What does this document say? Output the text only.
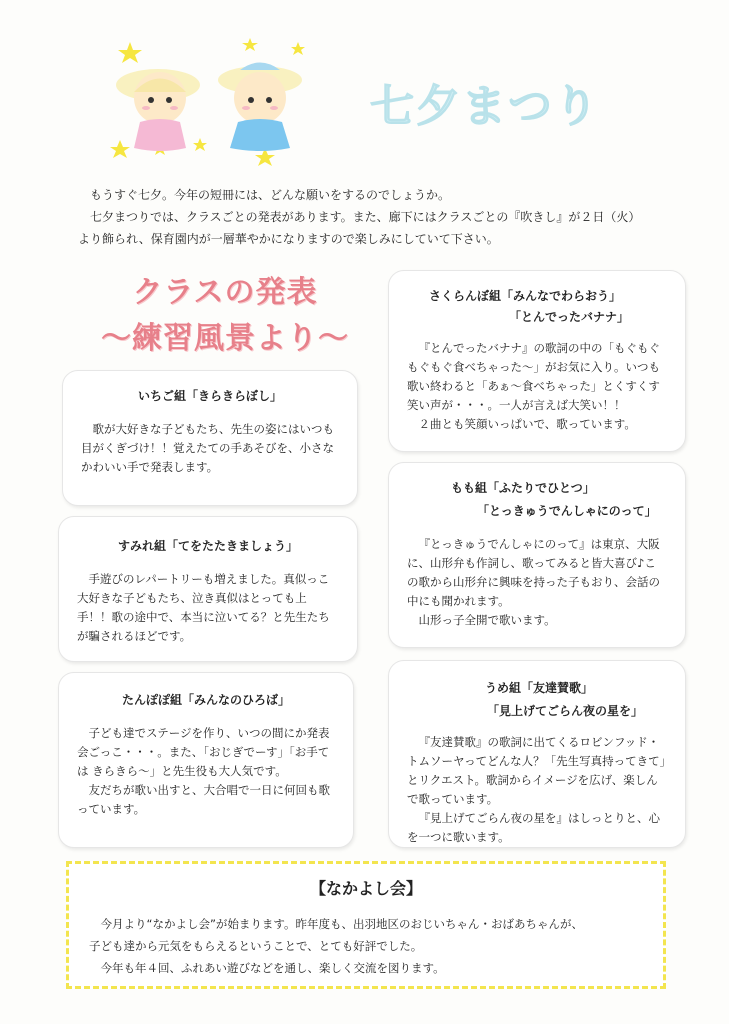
七夕まつり

もうすぐ七夕。今年の短冊には、どんな願いをするのでしょうか。

七夕まつりでは、クラスごとの発表があります。また、廊下にはクラスごとの『吹きし』が２日（火）

より飾られ、保育園内が一層華やかになりますので楽しみにしていて下さい。

クラスの発表
～練習風景より～
いちご組「きらきらぼし」

歌が大好きな子どもたち、先生の姿にはいつも目がくぎづけ！！覚えたての手あそびを、小さなかわいい手で発表します。

すみれ組「てをたたきましょう」

手遊びのレパートリーも増えました。真似っこ大好きな子どもたち、泣き真似はとっても上手！！歌の途中で、本当に泣いてる？と先生たちが騙されるほどです。

たんぽぽ組「みんなのひろば」

子ども達でステージを作り、いつの間にか発表会ごっこ・・・。また、「おじぎでーす」「お手ては きらきら～」と先生役も大人気です。

友だちが歌い出すと、大合唱で一日に何回も歌っています。

さくらんぼ組「みんなでわらおう」
「とんでったバナナ」

『とんでったバナナ』の歌詞の中の「もぐもぐもぐもぐ食べちゃった～」がお気に入り。いつも歌い終わると「あぁ～食べちゃった」とくすくす笑い声が・・・。一人が言えば大笑い！！

２曲とも笑顔いっぱいで、歌っています。

もも組「ふたりでひとつ」
「とっきゅうでんしゃにのって」

『とっきゅうでんしゃにのって』は東京、大阪に、山形弁も作詞し、歌ってみると皆大喜び♪この歌から山形弁に興味を持った子もおり、会話の中にも聞かれます。

山形っ子全開で歌います。

うめ組「友達賛歌」
「見上げてごらん夜の星を」

『友達賛歌』の歌詞に出てくるロビンフッド・トムソーヤってどんな人？「先生写真持ってきて」とリクエスト。歌詞からイメージを広げ、楽しんで歌っています。

『見上げてごらん夜の星を』はしっとりと、心を一つに歌います。

【なかよし会】

今月より“なかよし会”が始まります。昨年度も、出羽地区のおじいちゃん・おばあちゃんが、

子ども達から元気をもらえるということで、とても好評でした。

今年も年４回、ふれあい遊びなどを通し、楽しく交流を図ります。
